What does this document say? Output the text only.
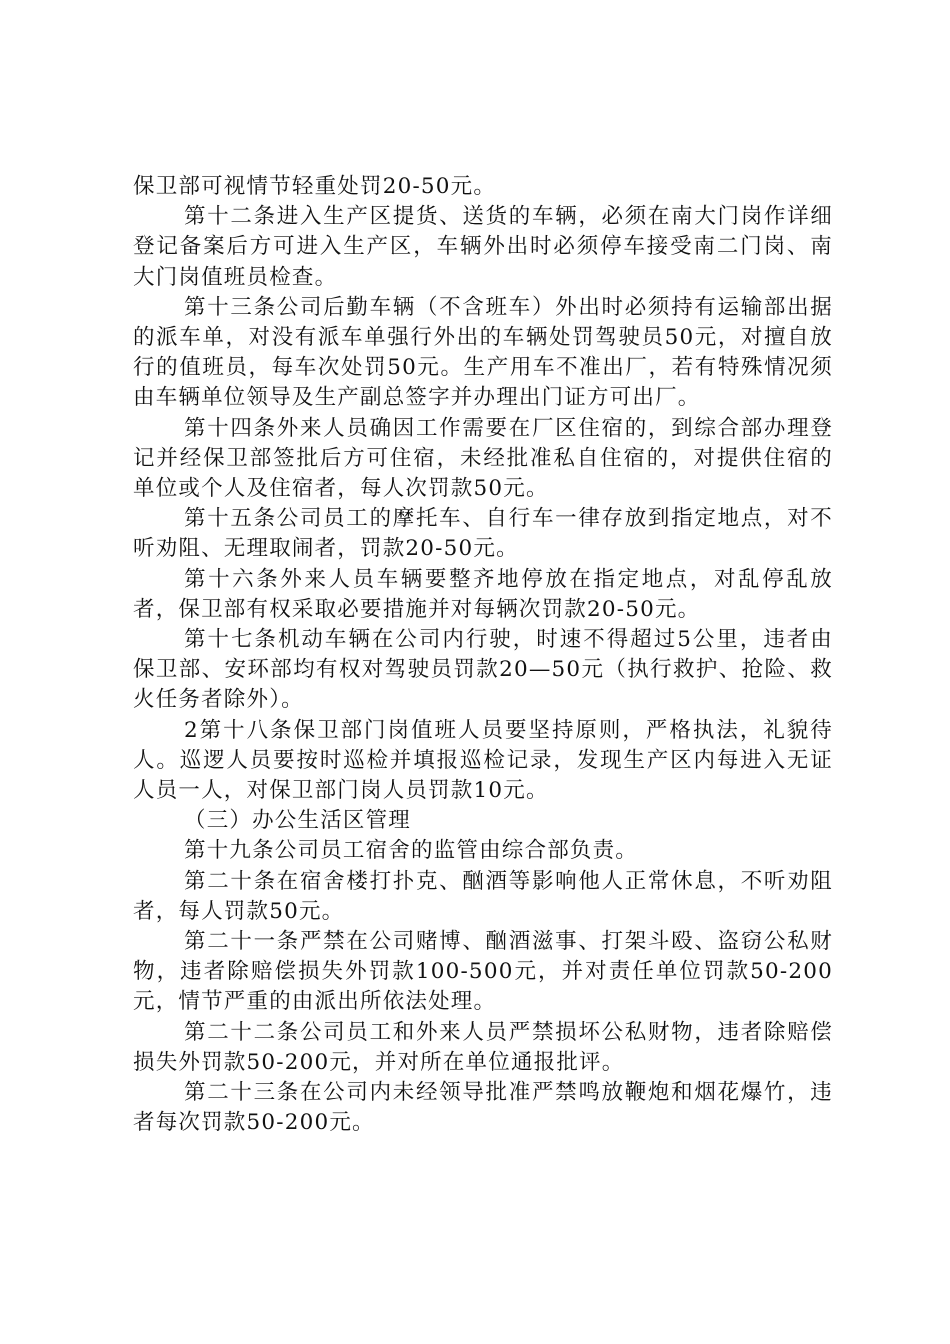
保卫部可视情节轻重处罚20-50元。

第十二条进入生产区提货、送货的车辆，必须在南大门岗作详细登记备案后方可进入生产区，车辆外出时必须停车接受南二门岗、南大门岗值班员检查。

第十三条公司后勤车辆（不含班车）外出时必须持有运输部出据的派车单，对没有派车单强行外出的车辆处罚驾驶员50元，对擅自放行的值班员，每车次处罚50元。生产用车不准出厂，若有特殊情况须由车辆单位领导及生产副总签字并办理出门证方可出厂。

第十四条外来人员确因工作需要在厂区住宿的，到综合部办理登记并经保卫部签批后方可住宿，未经批准私自住宿的，对提供住宿的单位或个人及住宿者，每人次罚款50元。

第十五条公司员工的摩托车、自行车一律存放到指定地点，对不听劝阻、无理取闹者，罚款20-50元。

第十六条外来人员车辆要整齐地停放在指定地点，对乱停乱放者，保卫部有权采取必要措施并对每辆次罚款20-50元。

第十七条机动车辆在公司内行驶，时速不得超过5公里，违者由保卫部、安环部均有权对驾驶员罚款20—50元（执行救护、抢险、救火任务者除外）。

2第十八条保卫部门岗值班人员要坚持原则，严格执法，礼貌待人。巡逻人员要按时巡检并填报巡检记录，发现生产区内每进入无证人员一人，对保卫部门岗人员罚款10元。

（三）办公生活区管理

第十九条公司员工宿舍的监管由综合部负责。

第二十条在宿舍楼打扑克、酗酒等影响他人正常休息，不听劝阻者，每人罚款50元。

第二十一条严禁在公司赌博、酗酒滋事、打架斗殴、盗窃公私财物，违者除赔偿损失外罚款100-500元，并对责任单位罚款50-200元，情节严重的由派出所依法处理。

第二十二条公司员工和外来人员严禁损坏公私财物，违者除赔偿损失外罚款50-200元，并对所在单位通报批评。

第二十三条在公司内未经领导批准严禁鸣放鞭炮和烟花爆竹，违者每次罚款50-200元。
